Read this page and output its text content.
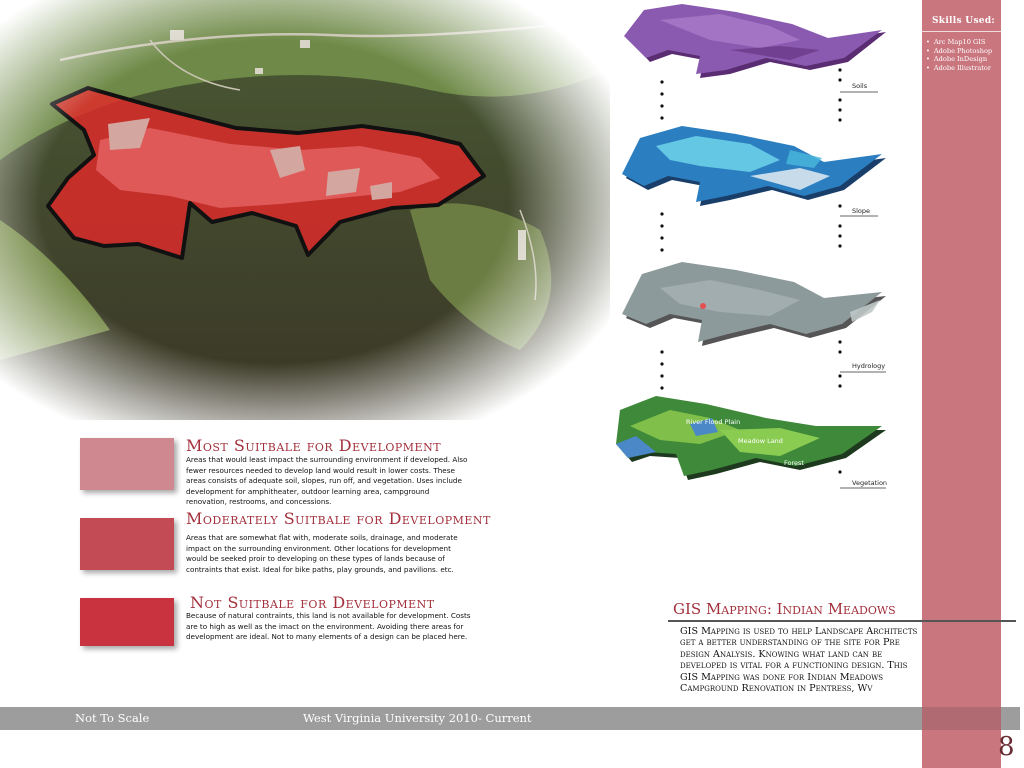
Most Suitbale for Development
Areas that would least impact the surrounding environment if developed. Also fewer resources needed to develop land would result in lower costs. These areas consists of adequate soil, slopes, run off, and vegetation. Uses include development for amphitheater, outdoor learning area, campground renovation, restrooms, and concessions.
Moderately Suitbale for Development
Areas that are somewhat flat with, moderate soils, drainage, and moderate impact on the surrounding environment. Other locations for development would be seeked proir to developing on these types of lands because of contraints that exist. Ideal for bike paths, play grounds, and pavilions. etc.
Not Suitbale for Development
Because of natural contraints, this land is not available for development. Costs are to high as well as the imact on the environment. Avoiding there areas for development are ideal. Not to many elements of a design can be placed here.
River Flood Plain
Meadow Land
Forest
Soils
Slope
Hydrology
Vegetation
Skills Used:
• Arc Map10 GIS
• Adobe Photoshop
• Adobe InDesign
• Adobe Illustrator
GIS Mapping: Indian Meadows
GIS Mapping is used to help Landscape Architects get a better understanding of the site for Pre design Analysis. Knowing what land can be developed is vital for a functioning design. This GIS Mapping was done for Indian Meadows Campground Renovation in Pentress, Wv
Not To Scale	West Virginia University 2010- Current
8
